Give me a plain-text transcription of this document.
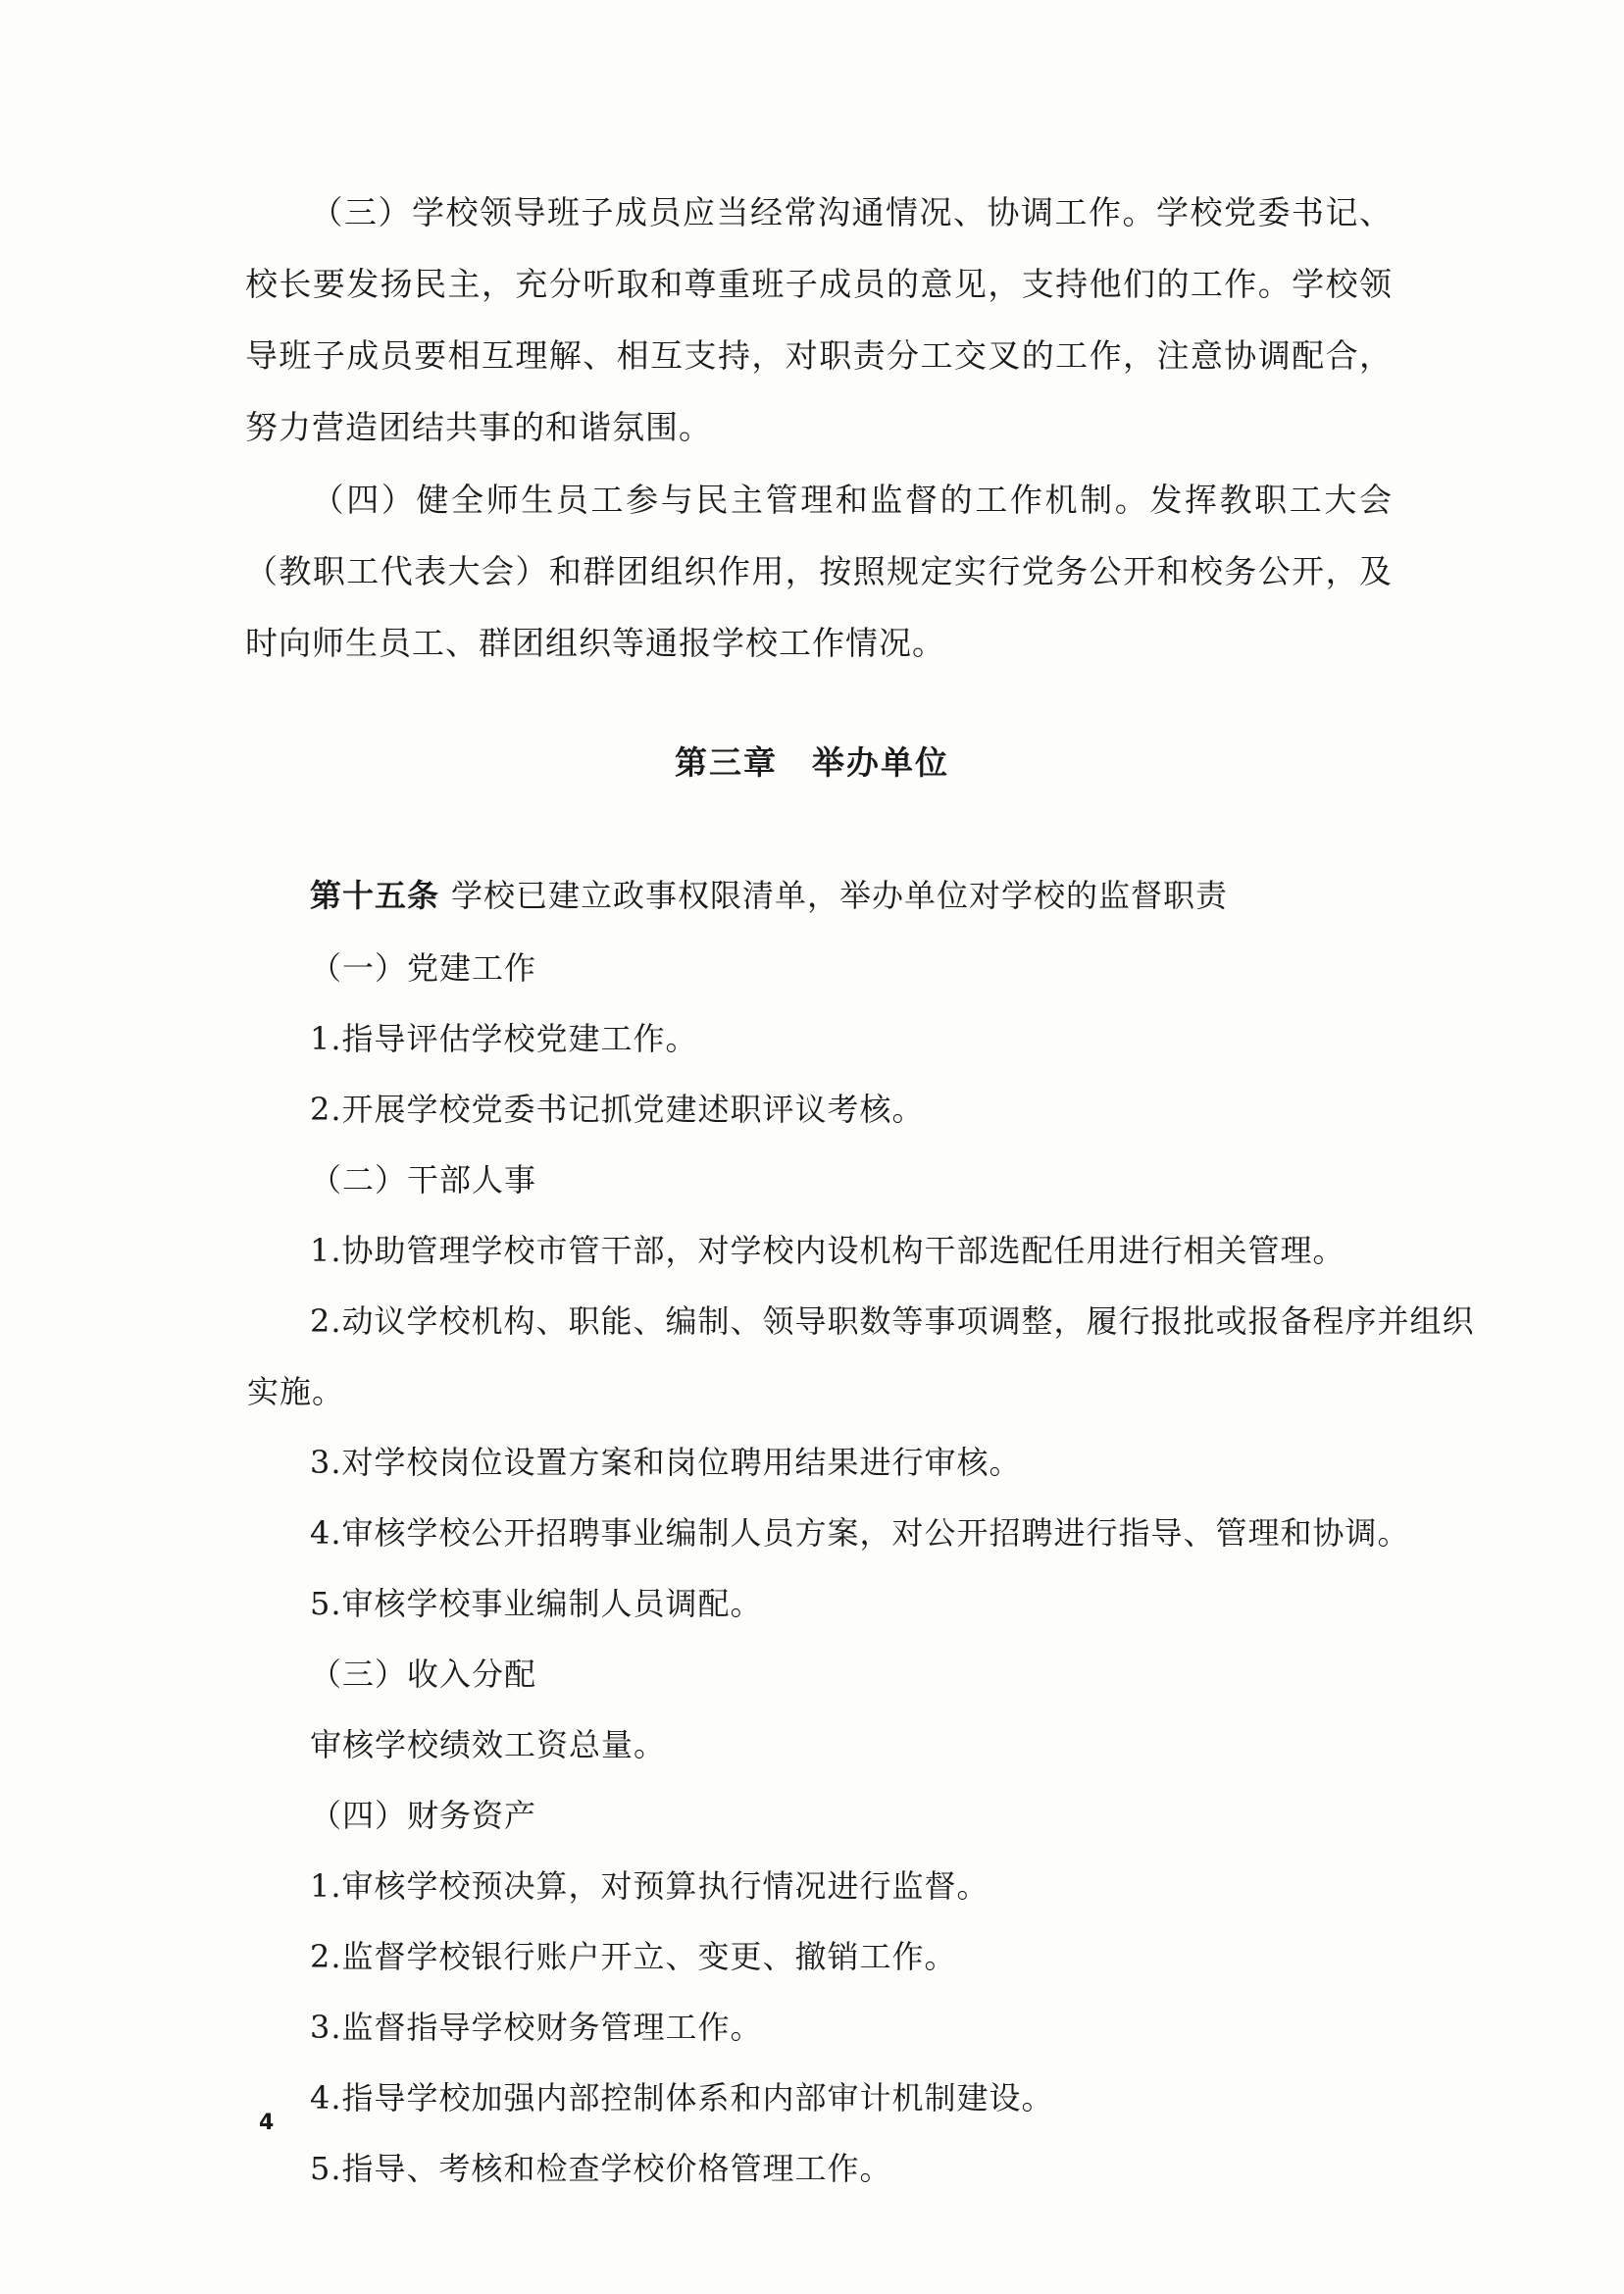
（三）学校领导班子成员应当经常沟通情况、协调工作。学校党委书记、校长要发扬民主，充分听取和尊重班子成员的意见，支持他们的工作。学校领导班子成员要相互理解、相互支持，对职责分工交叉的工作，注意协调配合，努力营造团结共事的和谐氛围。

（四）健全师生员工参与民主管理和监督的工作机制。发挥教职工大会（教职工代表大会）和群团组织作用，按照规定实行党务公开和校务公开，及时向师生员工、群团组织等通报学校工作情况。

第三章　举办单位

第十五条 学校已建立政事权限清单，举办单位对学校的监督职责

（一）党建工作

1.指导评估学校党建工作。

2.开展学校党委书记抓党建述职评议考核。

（二）干部人事

1.协助管理学校市管干部，对学校内设机构干部选配任用进行相关管理。

2.动议学校机构、职能、编制、领导职数等事项调整，履行报批或报备程序并组织

实施。

3.对学校岗位设置方案和岗位聘用结果进行审核。

4.审核学校公开招聘事业编制人员方案，对公开招聘进行指导、管理和协调。

5.审核学校事业编制人员调配。

（三）收入分配

审核学校绩效工资总量。

（四）财务资产

1.审核学校预决算，对预算执行情况进行监督。

2.监督学校银行账户开立、变更、撤销工作。

3.监督指导学校财务管理工作。

4.指导学校加强内部控制体系和内部审计机制建设。

5.指导、考核和检查学校价格管理工作。

4
